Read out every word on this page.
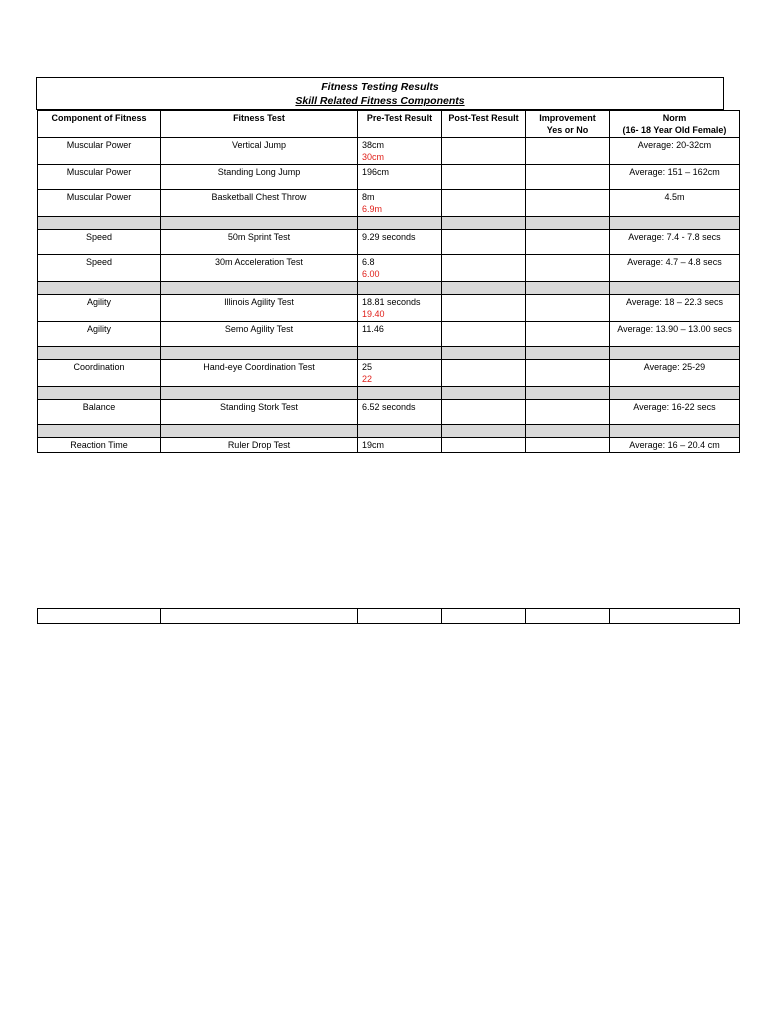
Fitness Testing Results
Skill Related Fitness Components
Component of Fitness	Fitness Test	Pre-Test Result	Post-Test Result	Improvement
Yes or No	Norm
(16- 18 Year Old Female)
Muscular Power	Vertical Jump	38cm
30cm			Average: 20-32cm
Muscular Power	Standing Long Jump	196cm			Average: 151 – 162cm
Muscular Power	Basketball Chest Throw	8m
6.9m			4.5m

Speed	50m Sprint Test	9.29 seconds			Average: 7.4 - 7.8 secs
Speed	30m Acceleration Test	6.8
6.00			Average: 4.7 – 4.8 secs

Agility	Illinois Agility Test	18.81 seconds
19.40			Average: 18 – 22.3 secs
Agility	Semo Agility Test	11.46			Average: 13.90 – 13.00 secs

Coordination	Hand-eye Coordination Test	25
22			Average: 25-29

Balance	Standing Stork Test	6.52 seconds			Average: 16-22 secs

Reaction Time	Ruler Drop Test	19cm			Average: 16 – 20.4 cm
